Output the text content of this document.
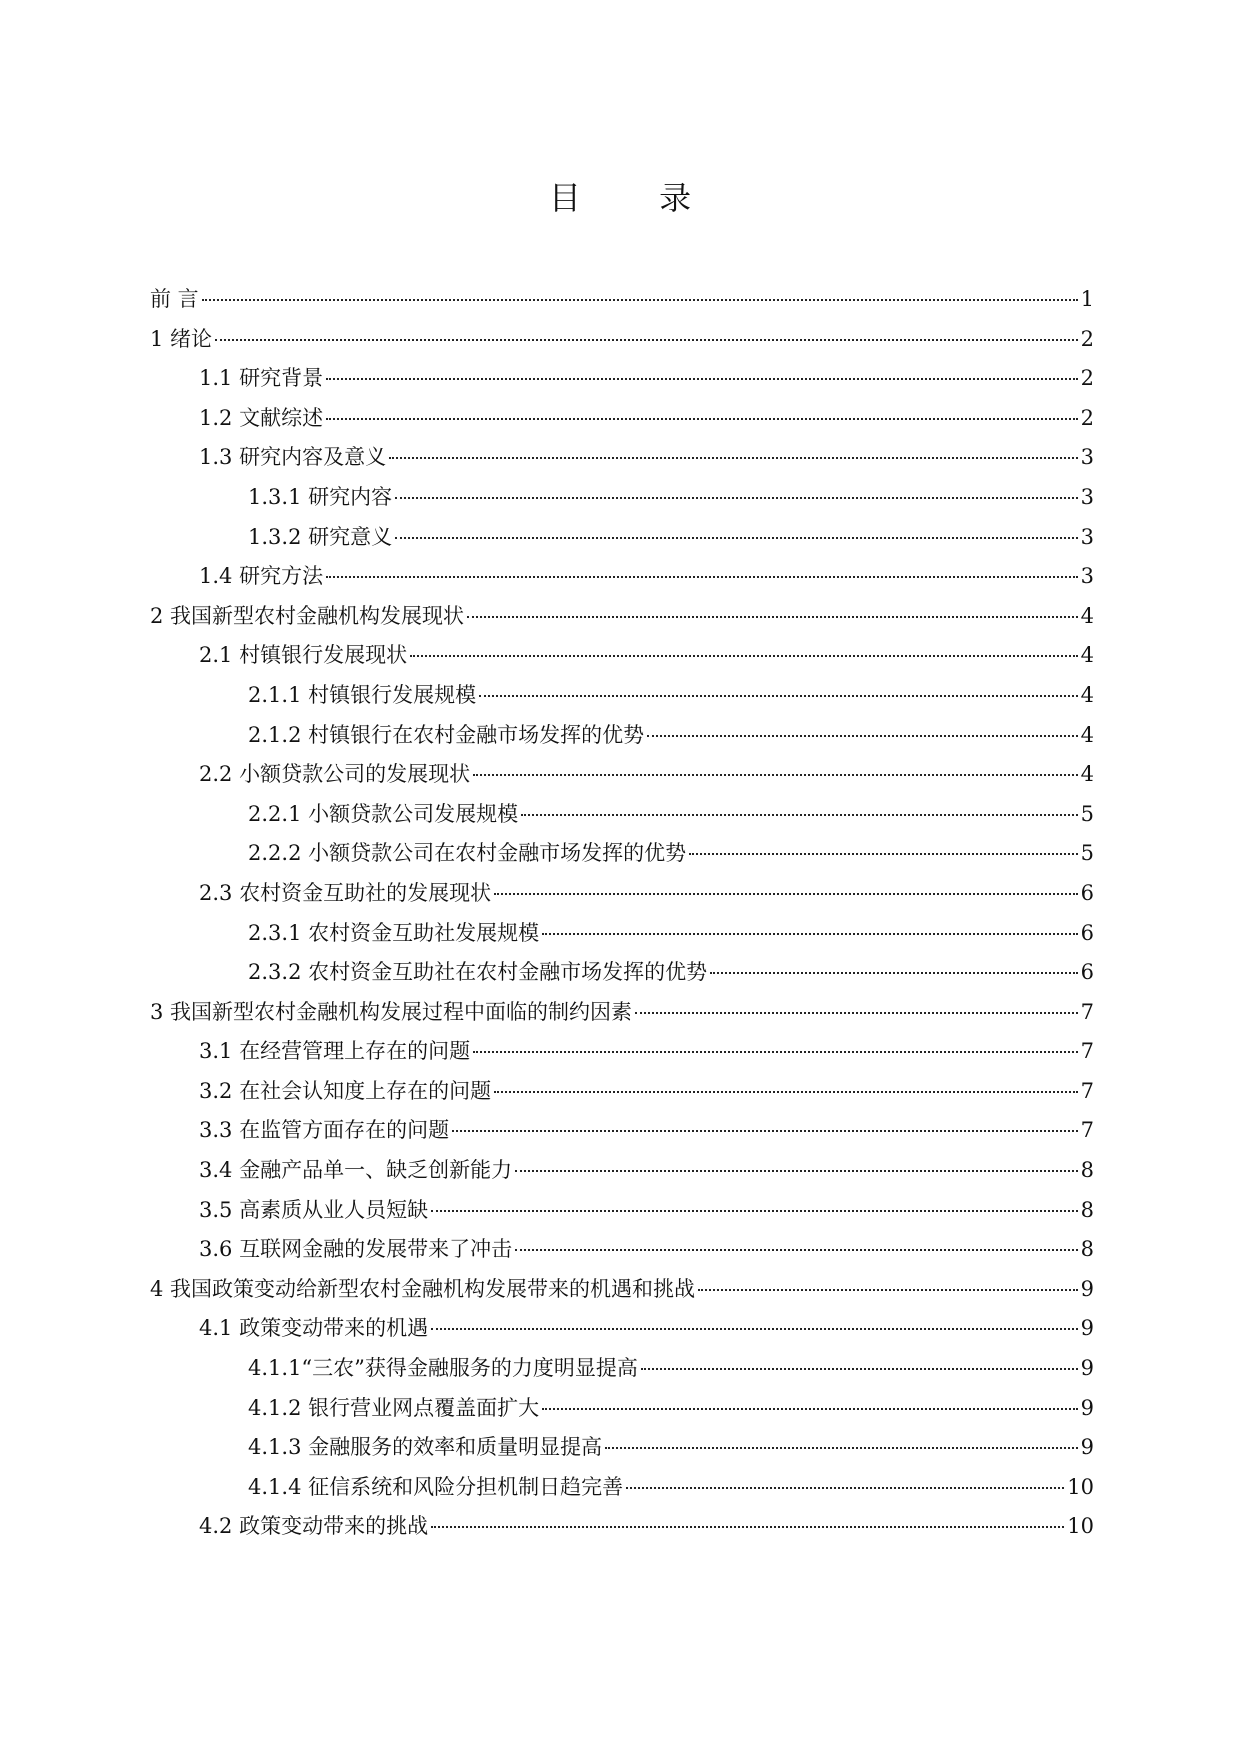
目 录
前 言	1
1 绪论	2
1.1 研究背景	2
1.2 文献综述	2
1.3 研究内容及意义	3
1.3.1 研究内容	3
1.3.2 研究意义	3
1.4 研究方法	3
2 我国新型农村金融机构发展现状	4
2.1 村镇银行发展现状	4
2.1.1 村镇银行发展规模	4
2.1.2 村镇银行在农村金融市场发挥的优势	4
2.2 小额贷款公司的发展现状	4
2.2.1 小额贷款公司发展规模	5
2.2.2 小额贷款公司在农村金融市场发挥的优势	5
2.3 农村资金互助社的发展现状	6
2.3.1 农村资金互助社发展规模	6
2.3.2 农村资金互助社在农村金融市场发挥的优势	6
3 我国新型农村金融机构发展过程中面临的制约因素	7
3.1 在经营管理上存在的问题	7
3.2 在社会认知度上存在的问题	7
3.3 在监管方面存在的问题	7
3.4 金融产品单一、缺乏创新能力	8
3.5 高素质从业人员短缺	8
3.6 互联网金融的发展带来了冲击	8
4 我国政策变动给新型农村金融机构发展带来的机遇和挑战	9
4.1 政策变动带来的机遇	9
4.1.1“三农”获得金融服务的力度明显提高	9
4.1.2 银行营业网点覆盖面扩大	9
4.1.3 金融服务的效率和质量明显提高	9
4.1.4 征信系统和风险分担机制日趋完善	10
4.2 政策变动带来的挑战	10
